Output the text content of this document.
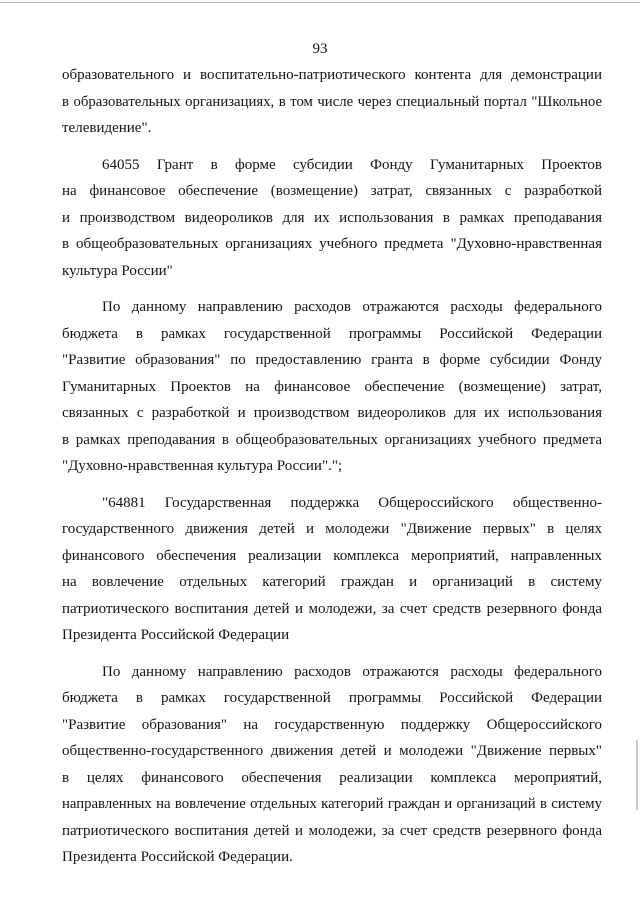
93
образовательного и воспитательно-патриотического контента для демонстрации
в образовательных организациях, в том числе через специальный портал "Школьное
телевидение".
64055 Грант в форме субсидии Фонду Гуманитарных Проектов
на финансовое обеспечение (возмещение) затрат, связанных с разработкой
и производством видеороликов для их использования в рамках преподавания
в общеобразовательных организациях учебного предмета "Духовно-нравственная
культура России"
По данному направлению расходов отражаются расходы федерального
бюджета в рамках государственной программы Российской Федерации
"Развитие образования" по предоставлению гранта в форме субсидии Фонду
Гуманитарных Проектов на финансовое обеспечение (возмещение) затрат,
связанных с разработкой и производством видеороликов для их использования
в рамках преподавания в общеобразовательных организациях учебного предмета
"Духовно-нравственная культура России".";
"64881 Государственная поддержка Общероссийского общественно-
государственного движения детей и молодежи "Движение первых" в целях
финансового обеспечения реализации комплекса мероприятий, направленных
на вовлечение отдельных категорий граждан и организаций в систему
патриотического воспитания детей и молодежи, за счет средств резервного фонда
Президента Российской Федерации
По данному направлению расходов отражаются расходы федерального
бюджета в рамках государственной программы Российской Федерации
"Развитие образования" на государственную поддержку Общероссийского
общественно-государственного движения детей и молодежи "Движение первых"
в целях финансового обеспечения реализации комплекса мероприятий,
направленных на вовлечение отдельных категорий граждан и организаций в систему
патриотического воспитания детей и молодежи, за счет средств резервного фонда
Президента Российской Федерации.
